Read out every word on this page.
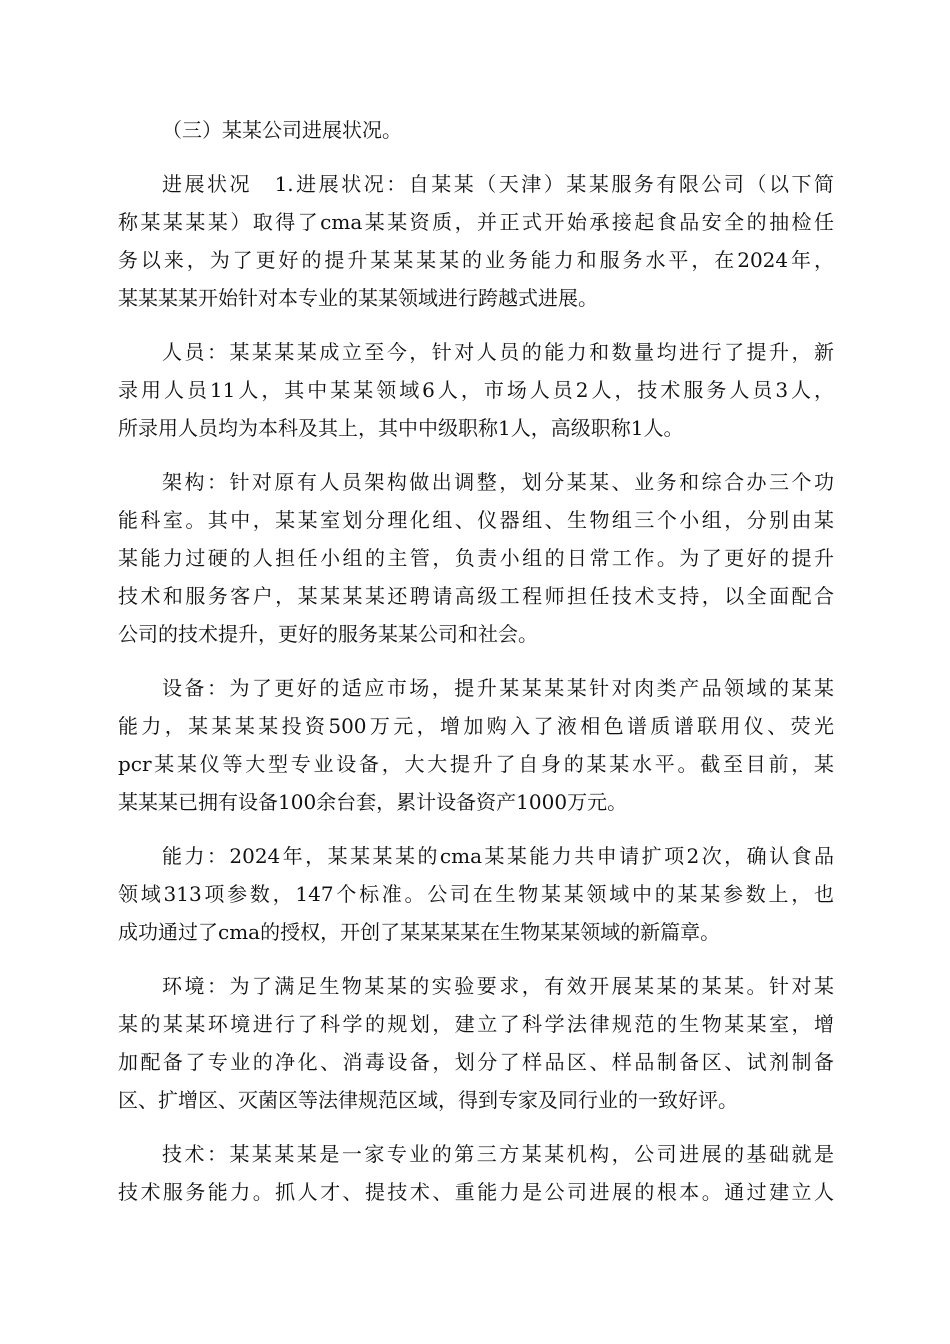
（三）某某公司进展状况。
进展状况　1.进展状况：自某某（天津）某某服务有限公司（以下简
称某某某某）取得了cma某某资质，并正式开始承接起食品安全的抽检任
务以来，为了更好的提升某某某某的业务能力和服务水平，在2024年，
某某某某开始针对本专业的某某领域进行跨越式进展。
人员：某某某某成立至今，针对人员的能力和数量均进行了提升，新
录用人员11人，其中某某领域6人，市场人员2人，技术服务人员3人，
所录用人员均为本科及其上，其中中级职称1人，高级职称1人。
架构：针对原有人员架构做出调整，划分某某、业务和综合办三个功
能科室。其中，某某室划分理化组、仪器组、生物组三个小组，分别由某
某能力过硬的人担任小组的主管，负责小组的日常工作。为了更好的提升
技术和服务客户，某某某某还聘请高级工程师担任技术支持，以全面配合
公司的技术提升，更好的服务某某公司和社会。
设备：为了更好的适应市场，提升某某某某针对肉类产品领域的某某
能力，某某某某投资500万元，增加购入了液相色谱质谱联用仪、荧光
pcr某某仪等大型专业设备，大大提升了自身的某某水平。截至目前，某
某某某已拥有设备100余台套，累计设备资产1000万元。
能力：2024年，某某某某的cma某某能力共申请扩项2次，确认食品
领域313项参数，147个标准。公司在生物某某领域中的某某参数上，也
成功通过了cma的授权，开创了某某某某在生物某某领域的新篇章。
环境：为了满足生物某某的实验要求，有效开展某某的某某。针对某
某的某某环境进行了科学的规划，建立了科学法律规范的生物某某室，增
加配备了专业的净化、消毒设备，划分了样品区、样品制备区、试剂制备
区、扩增区、灭菌区等法律规范区域，得到专家及同行业的一致好评。
技术：某某某某是一家专业的第三方某某机构，公司进展的基础就是
技术服务能力。抓人才、提技术、重能力是公司进展的根本。通过建立人
